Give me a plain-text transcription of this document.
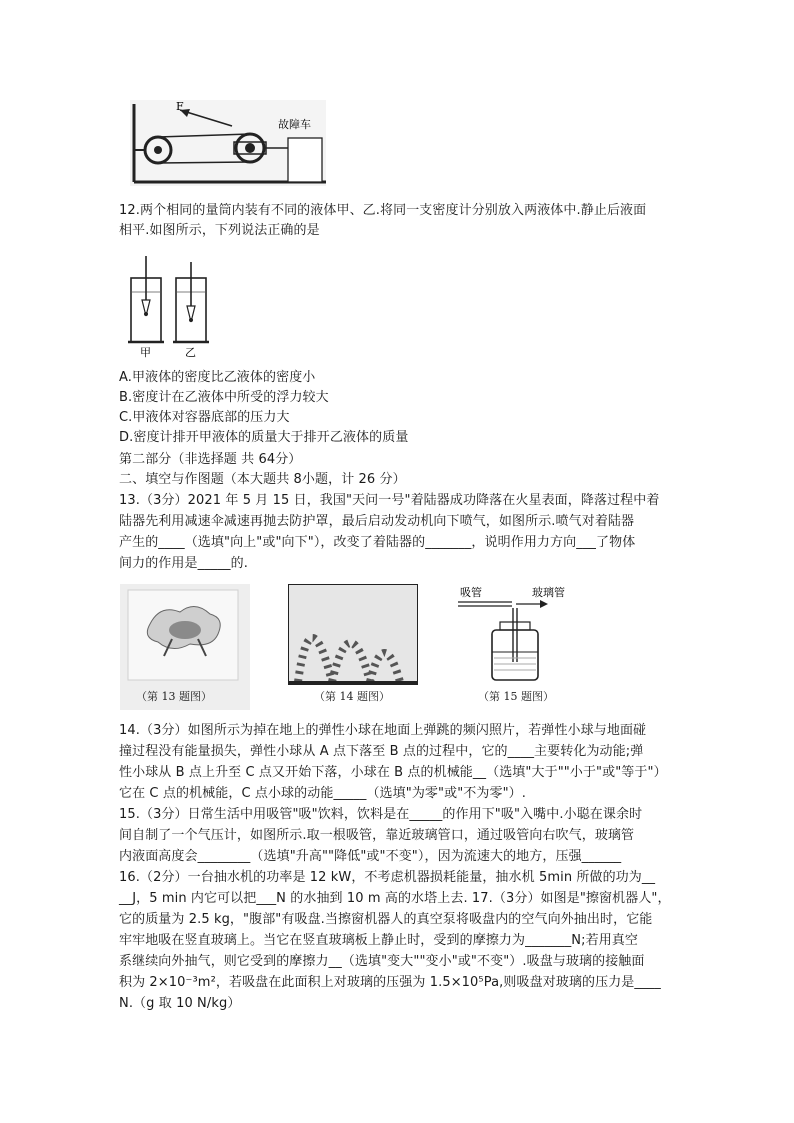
F
故障车
12.两个相同的量筒内装有不同的液体甲、乙.将同一支密度计分别放入两液体中.静止后液面
相平.如图所示，下列说法正确的是
甲	乙
A.甲液体的密度比乙液体的密度小
B.密度计在乙液体中所受的浮力较大
C.甲液体对容器底部的压力大
D.密度计排开甲液体的质量大于排开乙液体的质量
第二部分（非选择题 共 64分）
二、填空与作图题（本大题共 8小题，计 26 分）
13.（3分）2021 年 5 月 15 日，我国"天问一号"着陆器成功降落在火星表面，降落过程中着
陆器先利用减速伞减速再抛去防护罩，最后启动发动机向下喷气，如图所示.喷气对着陆器
产生的____（选填"向上"或"向下"），改变了着陆器的_______，说明作用力方向___了物体
间力的作用是_____的.
（第 13 题图）	（第 14 题图）
吸管	玻璃管
（第 15 题图）
14.（3分）如图所示为掉在地上的弹性小球在地面上弹跳的频闪照片，若弹性小球与地面碰
撞过程没有能量损失，弹性小球从 A 点下落至 B 点的过程中，它的____主要转化为动能;弹
性小球从 B 点上升至 C 点又开始下落，小球在 B 点的机械能__（选填"大于""小于"或"等于"）
它在 C 点的机械能，C 点小球的动能_____（选填"为零"或"不为零"）.
15.（3分）日常生活中用吸管"吸"饮料，饮料是在_____的作用下"吸"入嘴中.小聪在课余时
间自制了一个气压计，如图所示.取一根吸管，靠近玻璃管口，通过吸管向右吹气，玻璃管
内液面高度会________（选填"升高""降低"或"不变"），因为流速大的地方，压强______
16.（2分）一台抽水机的功率是 12 kW，不考虑机器损耗能量，抽水机 5min 所做的功为__
__J，5 min 内它可以把___N 的水抽到 10 m 高的水塔上去. 17.（3分）如图是"擦窗机器人"，
它的质量为 2.5 kg，"腹部"有吸盘.当擦窗机器人的真空泵将吸盘内的空气向外抽出时，它能
牢牢地吸在竖直玻璃上。当它在竖直玻璃板上静止时，受到的摩擦力为_______N;若用真空
系继续向外抽气，则它受到的摩擦力__（选填"变大""变小"或"不变"）.吸盘与玻璃的接触面
积为 2×10⁻³m²，若吸盘在此面积上对玻璃的压强为 1.5×10⁵Pa,则吸盘对玻璃的压力是____
N.（g 取 10 N/kg）
